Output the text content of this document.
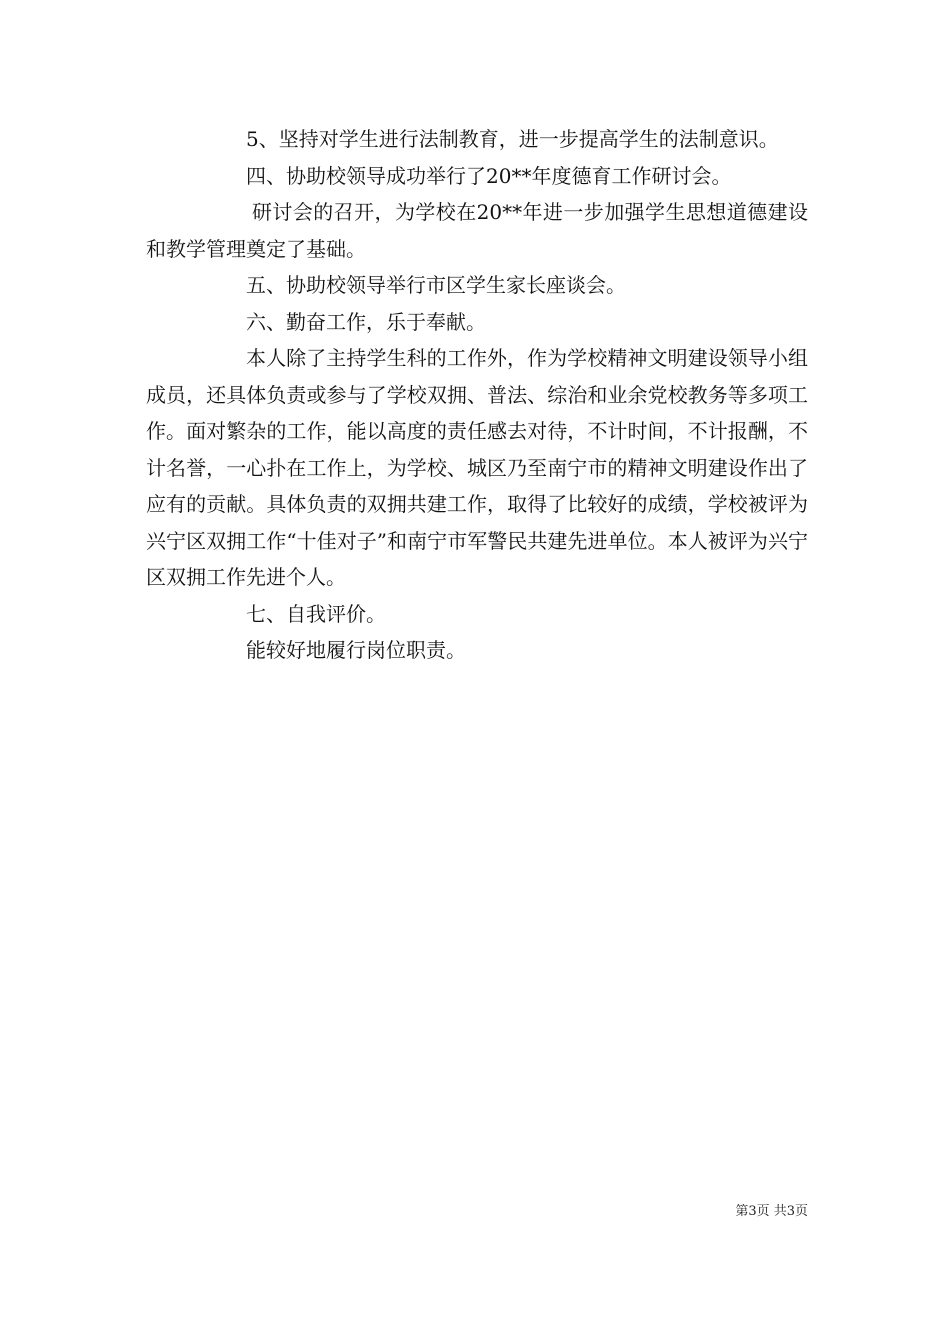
5、坚持对学生进行法制教育，进一步提高学生的法制意识。

四、协助校领导成功举行了20**年度德育工作研讨会。

研讨会的召开，为学校在20**年进一步加强学生思想道德建设和教学管理奠定了基础。

五、协助校领导举行市区学生家长座谈会。

六、勤奋工作，乐于奉献。

本人除了主持学生科的工作外，作为学校精神文明建设领导小组成员，还具体负责或参与了学校双拥、普法、综治和业余党校教务等多项工作。面对繁杂的工作，能以高度的责任感去对待，不计时间，不计报酬，不计名誉，一心扑在工作上，为学校、城区乃至南宁市的精神文明建设作出了应有的贡献。具体负责的双拥共建工作，取得了比较好的成绩，学校被评为兴宁区双拥工作“十佳对子”和南宁市军警民共建先进单位。本人被评为兴宁区双拥工作先进个人。

七、自我评价。

能较好地履行岗位职责。

第3页 共3页
